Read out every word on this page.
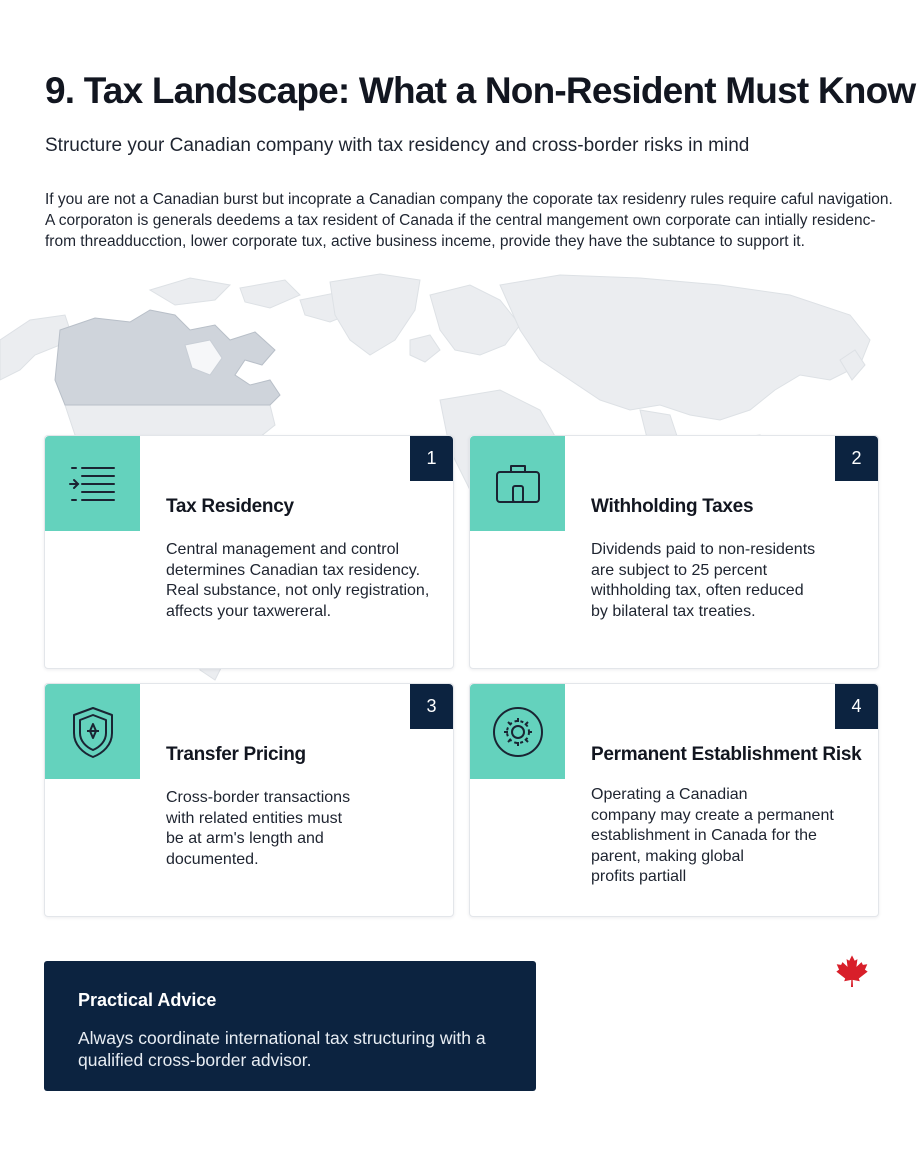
9. Tax Landscape: What a Non-Resident Must Know
Structure your Canadian company with tax residency and cross-border risks in mind

If you are not a Canadian burst but incoprate a Canadian company the coporate tax residenry rules require caful navigation.

A corporaton is generals deedems a tax resident of Canada if the central mangement own corporate can intially residenc-

from threadducction, lower corporate tux, active business inceme, provide they have the subtance to support it.

1
Tax Residency
Central management and control
determines Canadian tax residency.
Real substance, not only registration,
affects your taxwereral.
2
Withholding Taxes
Dividends paid to non-residents
are subject to 25 percent
withholding tax, often reduced
by bilateral tax treaties.
3
Transfer Pricing
Cross-border transactions
with related entities must
be at arm's length and
documented.
4
Permanent Establishment Risk
Operating a Canadian
company may create a permanent
establishment in Canada for the
parent, making global
profits partiall
Practical Advice
Always coordinate international tax structuring with a
qualified cross-border advisor.
